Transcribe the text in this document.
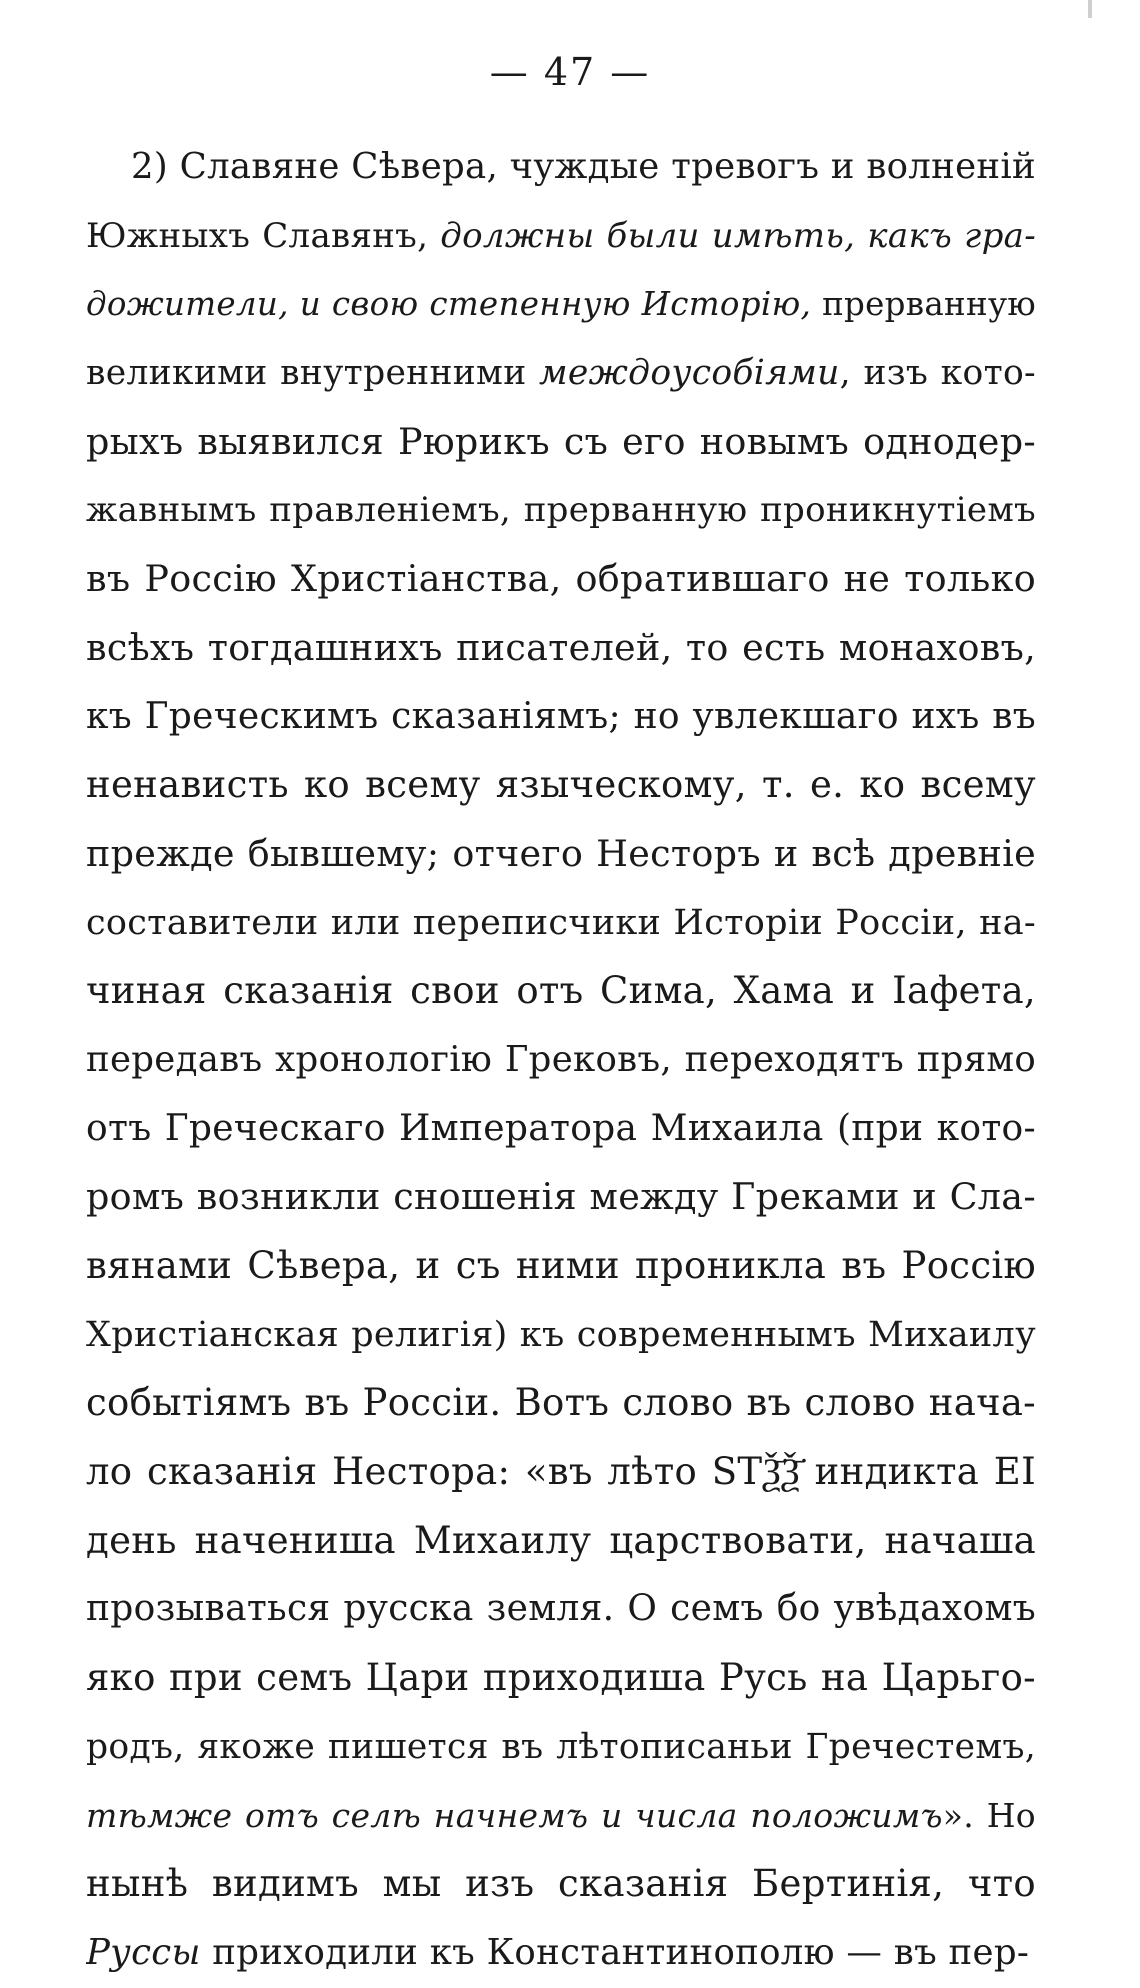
— 47 —
2) Славяне Сѣвера, чуждые тревогъ и волненій
Южныхъ Славянъ, должны были имѣть, какъ гра-
дожители, и свою степенную Исторію, прерванную
великими внутренними междоусобіями, изъ кото-
рыхъ выявился Рюрикъ съ его новымъ однодер-
жавнымъ правленіемъ, прерванную проникнутіемъ
въ Россію Христіанства, обратившаго не только
всѣхъ тогдашнихъ писателей, то есть монаховъ,
къ Греческимъ сказаніямъ; но увлекшаго ихъ въ
ненависть ко всему языческому, т. е. ко всему
прежде бывшему; отчего Несторъ и всѣ древніе
составители или переписчики Исторіи Россіи, на-
чиная сказанія свои отъ Сима, Хама и Іафета,
передавъ хронологію Грековъ, переходятъ прямо
отъ Греческаго Императора Михаила (при кото-
ромъ возникли сношенія между Греками и Сла-
вянами Сѣвера, и съ ними проникла въ Россію
Христіанская религія) къ современнымъ Михаилу
событіямъ въ Россіи. Вотъ слово въ слово нача-
ло сказанія Нестора: «въ лѣто ЅТѮ҃Ѯ҃ индикта ЕІ
день начениша Михаилу царствовати, начаша
прозываться русска земля. О семъ бо увѣдахомъ
яко при семъ Цари приходиша Русь на Царьго-
родъ, якоже пишется въ лѣтописаньи Гречестемъ,
тѣмже отъ селѣ начнемъ и числа положимъ». Но
нынѣ видимъ мы изъ сказанія Бертинія, что
Руссы приходили къ Константинополю — въ пер-
